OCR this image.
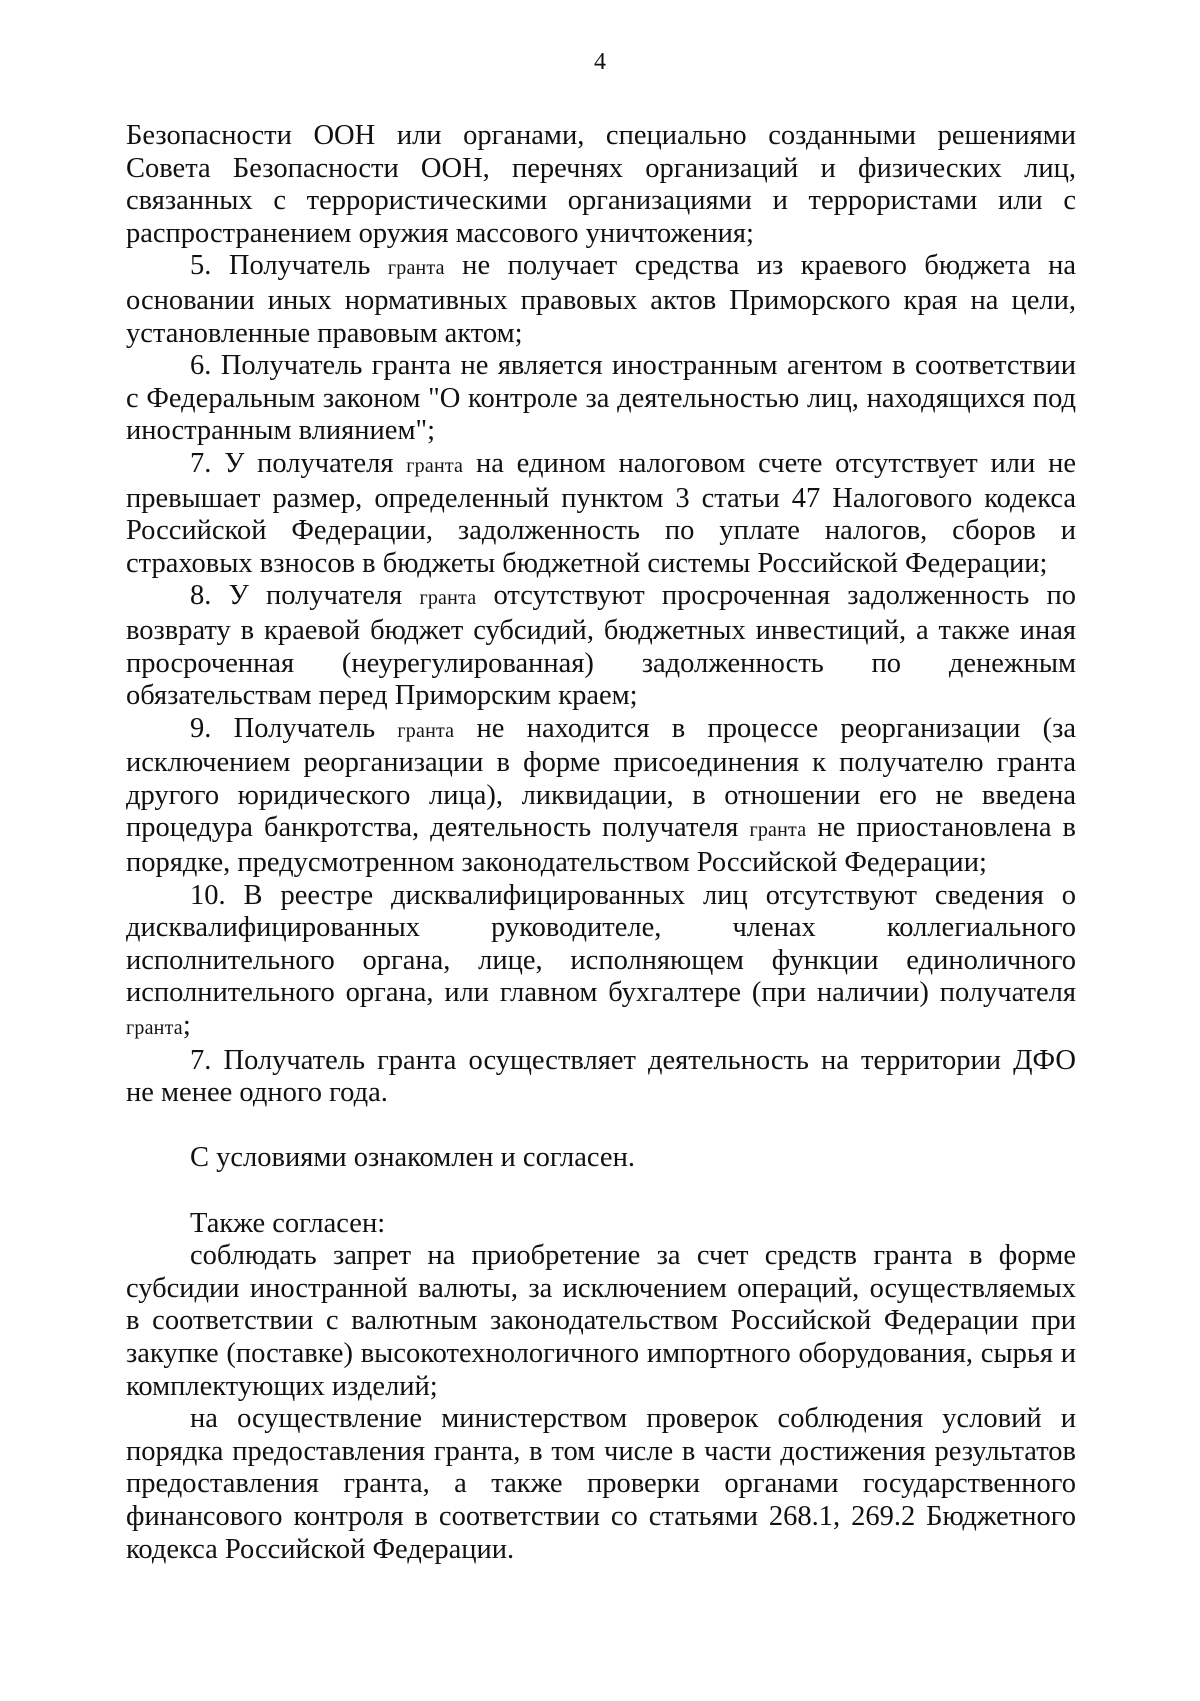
4

Безопасности ООН или органами, специально созданными решениями Совета Безопасности ООН, перечнях организаций и физических лиц, связанных с террористическими организациями и террористами или с распространением оружия массового уничтожения;

5. Получатель гранта не получает средства из краевого бюджета на основании иных нормативных правовых актов Приморского края на цели, установленные правовым актом;

6. Получатель гранта не является иностранным агентом в соответствии с Федеральным законом "О контроле за деятельностью лиц, находящихся под иностранным влиянием";

7. У получателя гранта на едином налоговом счете отсутствует или не превышает размер, определенный пунктом 3 статьи 47 Налогового кодекса Российской Федерации, задолженность по уплате налогов, сборов и страховых взносов в бюджеты бюджетной системы Российской Федерации;

8. У получателя гранта отсутствуют просроченная задолженность по возврату в краевой бюджет субсидий, бюджетных инвестиций, а также иная просроченная (неурегулированная) задолженность по денежным обязательствам перед Приморским краем;

9. Получатель гранта не находится в процессе реорганизации (за исключением реорганизации в форме присоединения к получателю гранта другого юридического лица), ликвидации, в отношении его не введена процедура банкротства, деятельность получателя гранта не приостановлена в порядке, предусмотренном законодательством Российской Федерации;

10. В реестре дисквалифицированных лиц отсутствуют сведения о дисквалифицированных руководителе, членах коллегиального исполнительного органа, лице, исполняющем функции единоличного исполнительного органа, или главном бухгалтере (при наличии) получателя гранта;

7. Получатель гранта осуществляет деятельность на территории ДФО не менее одного года.

С условиями ознакомлен и согласен.

Также согласен:

соблюдать запрет на приобретение за счет средств гранта в форме субсидии иностранной валюты, за исключением операций, осуществляемых в соответствии с валютным законодательством Российской Федерации при закупке (поставке) высокотехнологичного импортного оборудования, сырья и комплектующих изделий;

на осуществление министерством проверок соблюдения условий и порядка предоставления гранта, в том числе в части достижения результатов предоставления гранта, а также проверки органами государственного финансового контроля в соответствии со статьями 268.1, 269.2 Бюджетного кодекса Российской Федерации.
